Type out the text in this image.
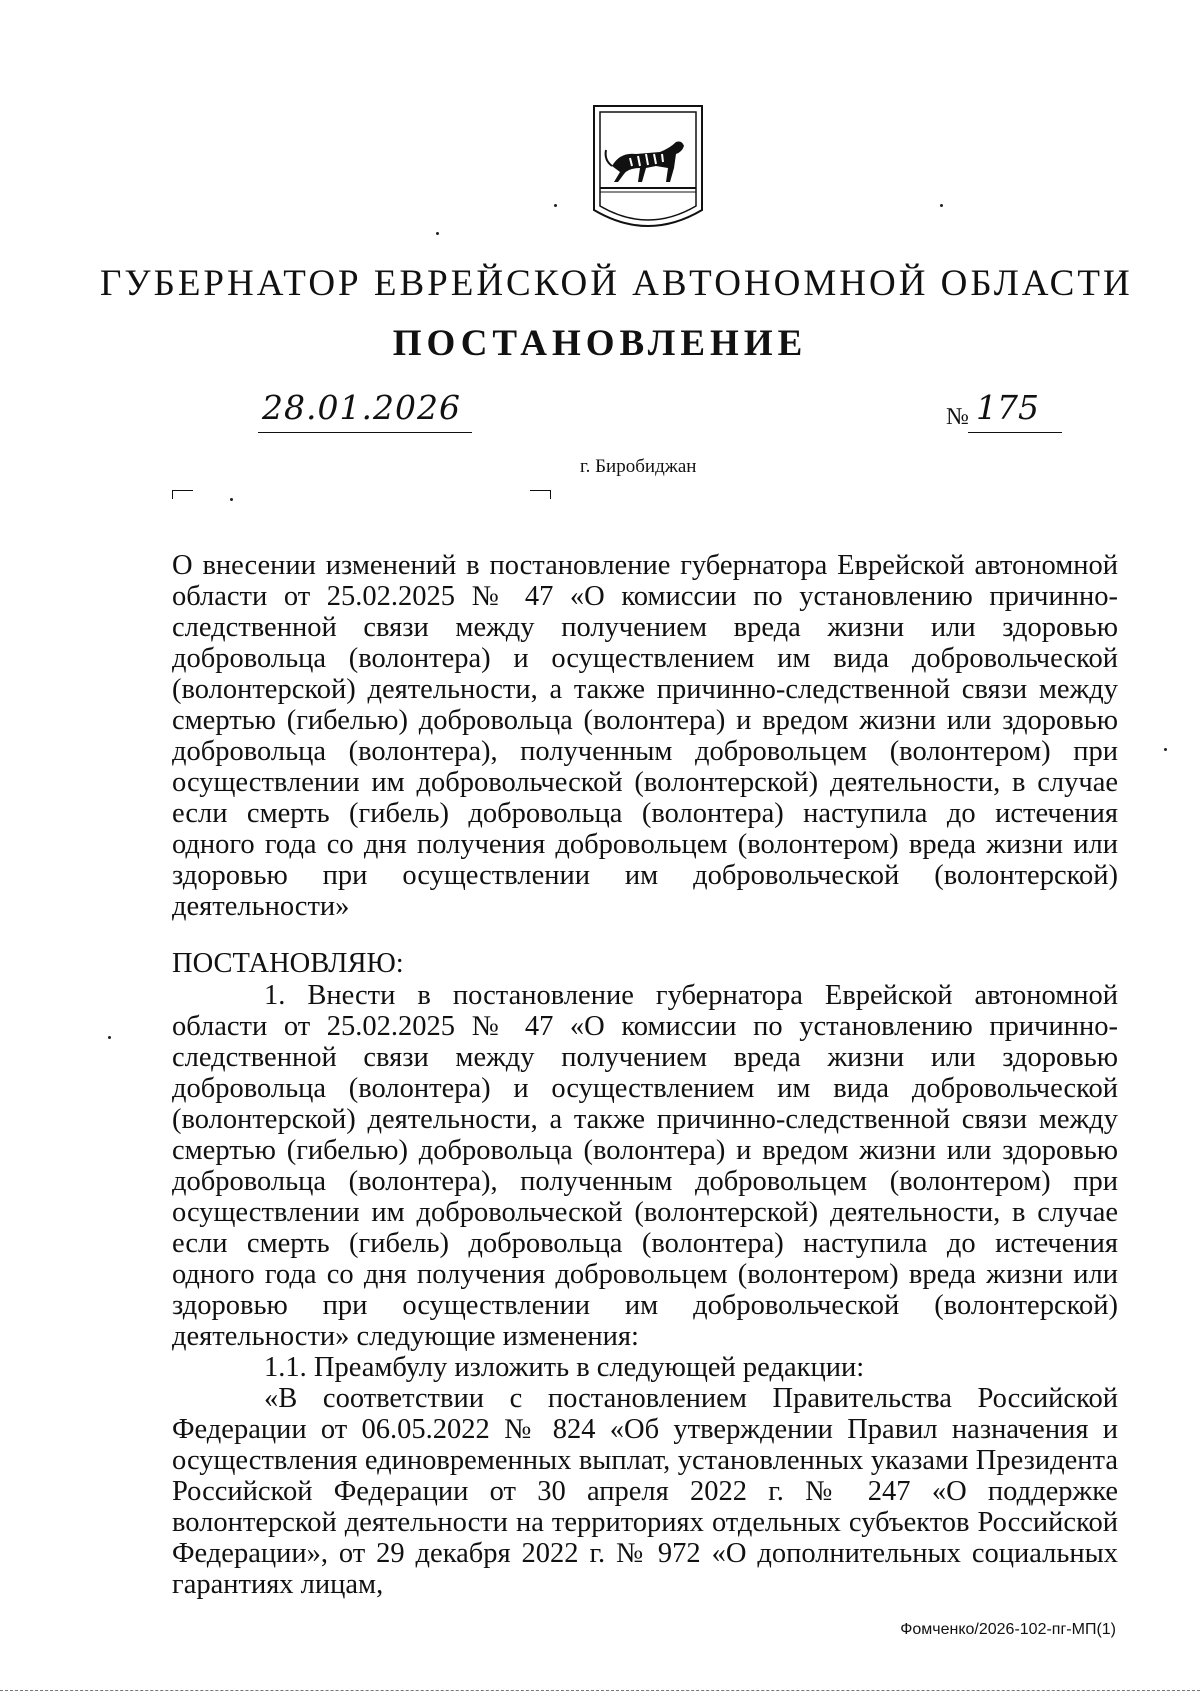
ГУБЕРНАТОР ЕВРЕЙСКОЙ АВТОНОМНОЙ ОБЛАСТИ
ПОСТАНОВЛЕНИЕ
28.01.2026	№ 175
г. Биробиджан

О внесении изменений в постановление губернатора Еврейской автономной области от 25.02.2025 № 47 «О комиссии по установлению причинно-следственной связи между получением вреда жизни или здоровью добровольца (волонтера) и осуществлением им вида добровольческой (волонтерской) деятельности, а также причинно-следственной связи между смертью (гибелью) добровольца (волонтера) и вредом жизни или здоровью добровольца (волонтера), полученным добровольцем (волонтером) при осуществлении им добровольческой (волонтерской) деятельности, в случае если смерть (гибель) добровольца (волонтера) наступила до истечения одного года со дня получения добровольцем (волонтером) вреда жизни или здоровью при осуществлении им добровольческой (волонтерской) деятельности»

ПОСТАНОВЛЯЮ:

1. Внести в постановление губернатора Еврейской автономной области от 25.02.2025 № 47 «О комиссии по установлению причинно-следственной связи между получением вреда жизни или здоровью добровольца (волонтера) и осуществлением им вида добровольческой (волонтерской) деятельности, а также причинно-следственной связи между смертью (гибелью) добровольца (волонтера) и вредом жизни или здоровью добровольца (волонтера), полученным добровольцем (волонтером) при осуществлении им добровольческой (волонтерской) деятельности, в случае если смерть (гибель) добровольца (волонтера) наступила до истечения одного года со дня получения добровольцем (волонтером) вреда жизни или здоровью при осуществлении им добровольческой (волонтерской) деятельности» следующие изменения:

1.1. Преамбулу изложить в следующей редакции:

«В соответствии с постановлением Правительства Российской Федерации от 06.05.2022 № 824 «Об утверждении Правил назначения и осуществления единовременных выплат, установленных указами Президента Российской Федерации от 30 апреля 2022 г. № 247 «О поддержке волонтерской деятельности на территориях отдельных субъектов Российской Федерации», от 29 декабря 2022 г. № 972 «О дополнительных социальных гарантиях лицам,

Фомченко/2026-102-пг-МП(1)
